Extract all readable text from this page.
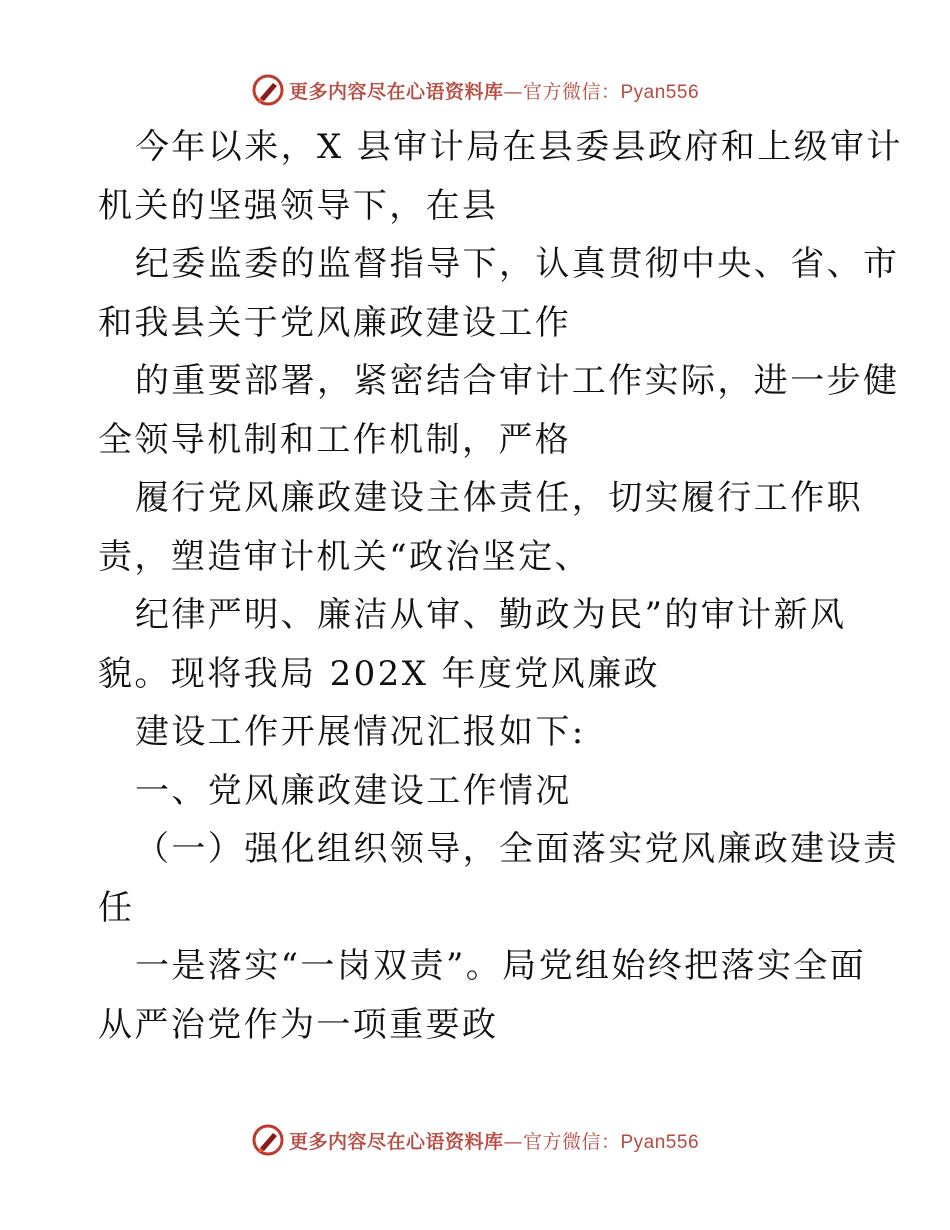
更多内容尽在心语资料库—官方微信：Pyan556
今年以来，X 县审计局在县委县政府和上级审计
机关的坚强领导下，在县
纪委监委的监督指导下，认真贯彻中央、省、市
和我县关于党风廉政建设工作
的重要部署，紧密结合审计工作实际，进一步健
全领导机制和工作机制，严格
履行党风廉政建设主体责任，切实履行工作职
责，塑造审计机关“政治坚定、
纪律严明、廉洁从审、勤政为民”的审计新风
貌。现将我局 202X 年度党风廉政
建设工作开展情况汇报如下:
一、党风廉政建设工作情况
（一）强化组织领导，全面落实党风廉政建设责
任
一是落实“一岗双责”。局党组始终把落实全面
从严治党作为一项重要政
更多内容尽在心语资料库—官方微信：Pyan556
